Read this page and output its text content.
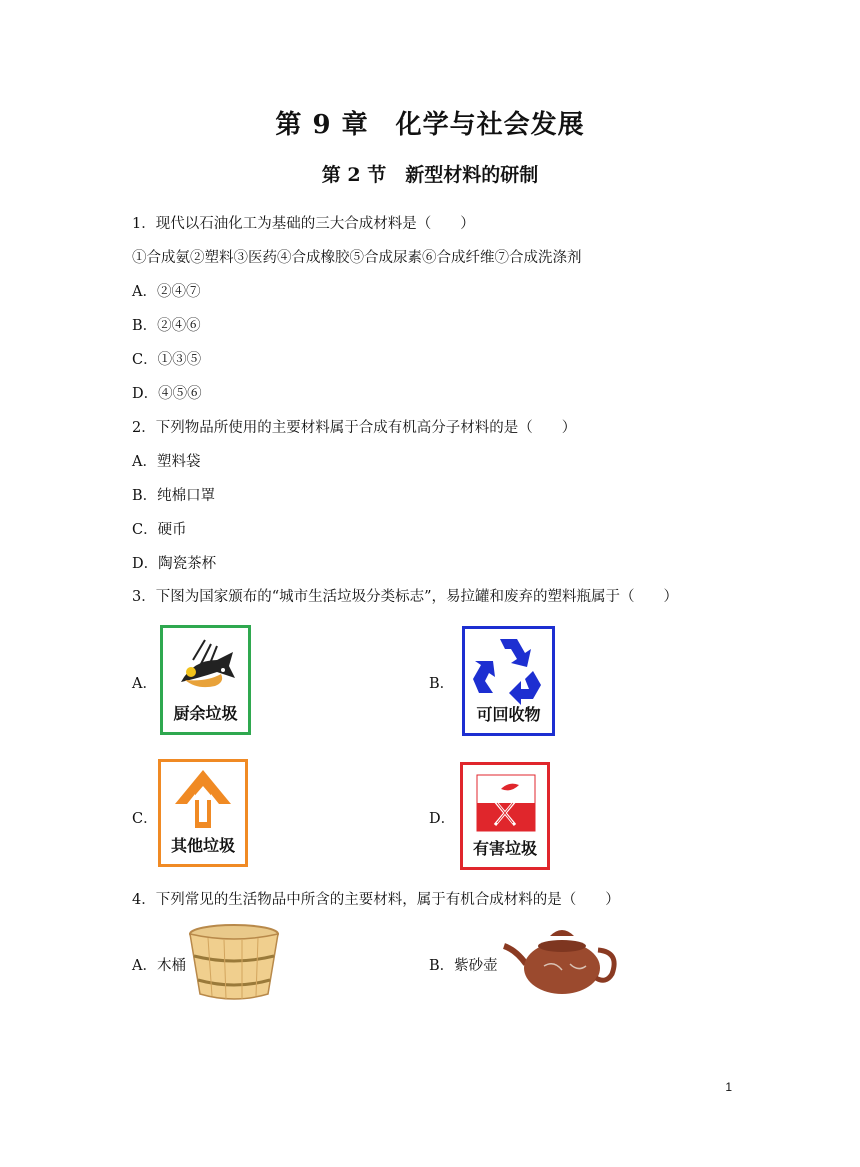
第 9 章　化学与社会发展
第 2 节　新型材料的研制
1．现代以石油化工为基础的三大合成材料是（　　）
①合成氨②塑料③医药④合成橡胶⑤合成尿素⑥合成纤维⑦合成洗涤剂
A．②④⑦
B．②④⑥
C．①③⑤
D．④⑤⑥
2．下列物品所使用的主要材料属于合成有机高分子材料的是（　　）
A．塑料袋
B．纯棉口罩
C．硬币
D．陶瓷茶杯
3．下图为国家颁布的“城市生活垃圾分类标志”，易拉罐和废弃的塑料瓶属于（　　）
A．
厨余垃圾
B．
可回收物
C．
其他垃圾
D．
有害垃圾
4．下列常见的生活物品中所含的主要材料，属于有机合成材料的是（　　）
A．木桶	B．紫砂壶
1
